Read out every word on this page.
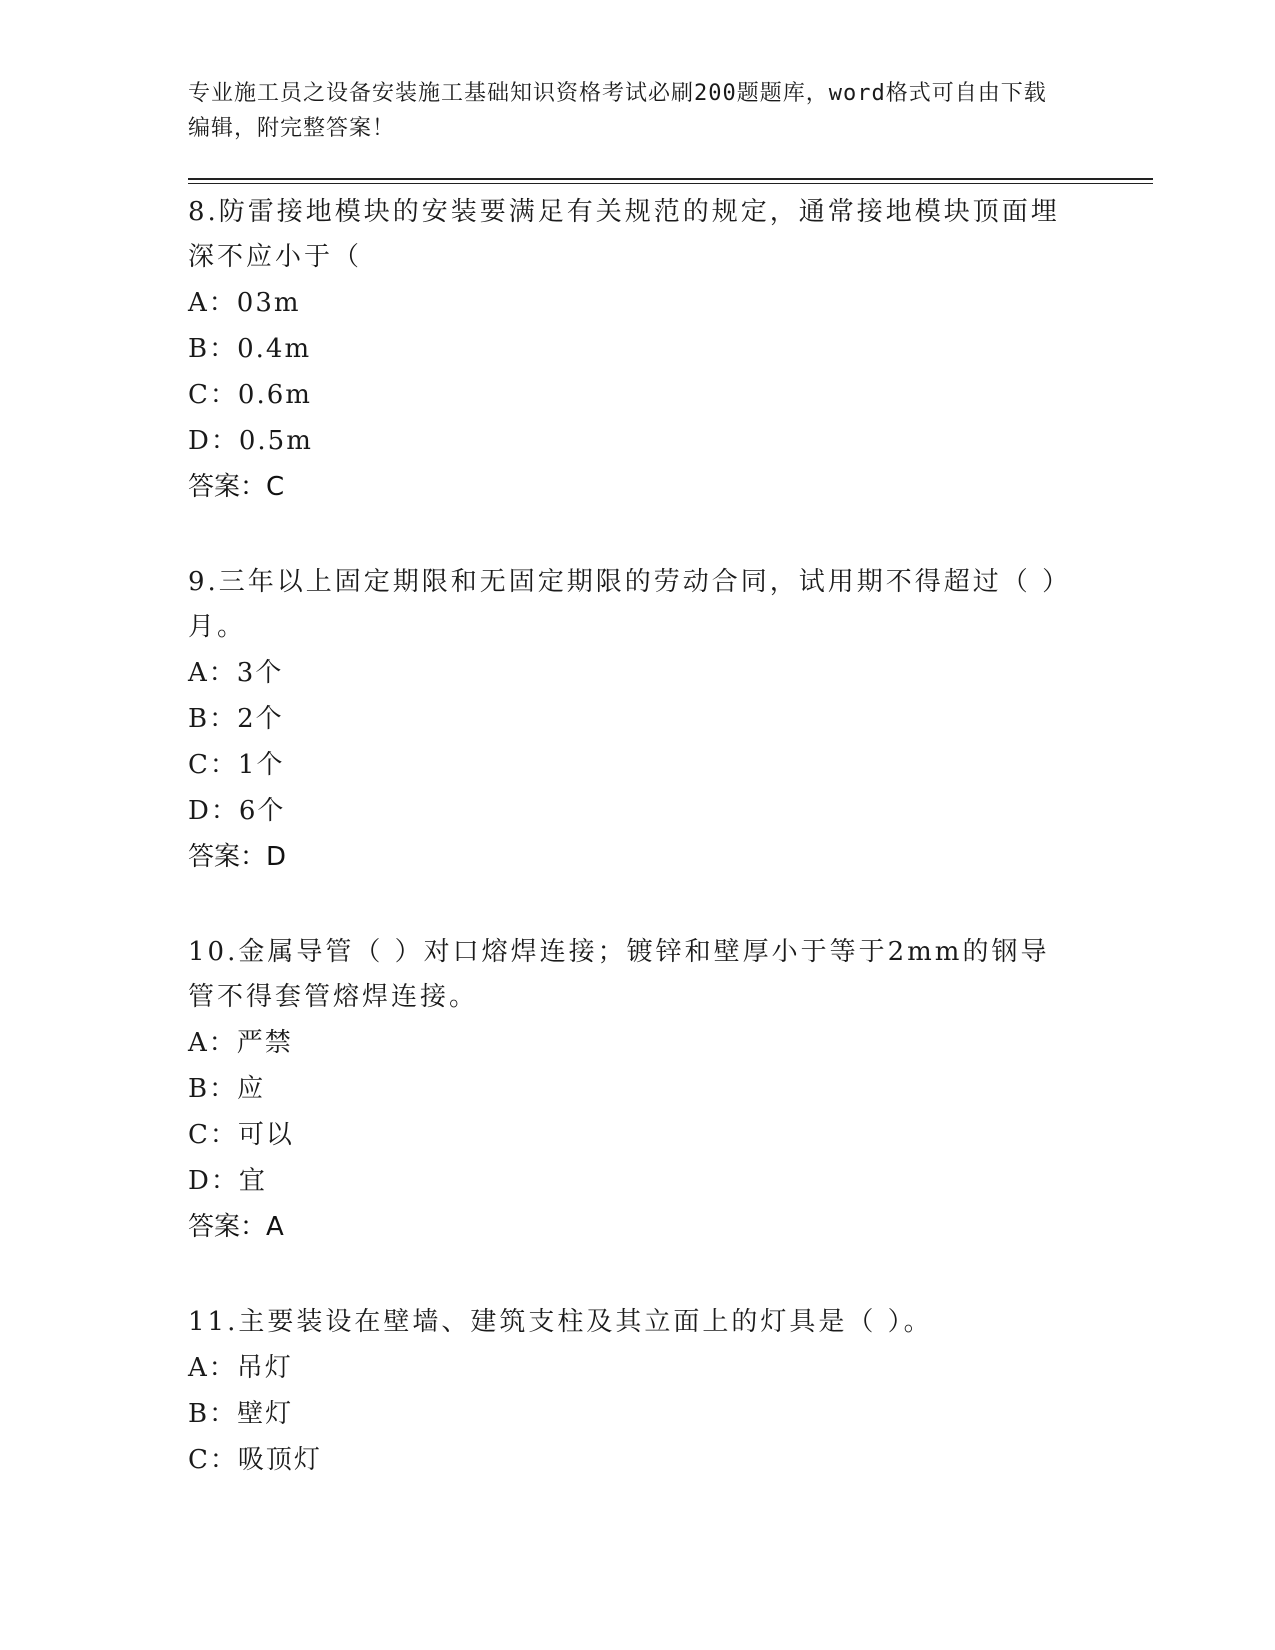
专业施工员之设备安装施工基础知识资格考试必刷200题题库，word格式可自由下载编辑，附完整答案！

8.防雷接地模块的安装要满足有关规范的规定，通常接地模块顶面埋深不应小于（

A：03m

B：0.4m

C：0.6m

D：0.5m

答案：C

9.三年以上固定期限和无固定期限的劳动合同，试用期不得超过（ ）月。

A：3个

B：2个

C：1个

D：6个

答案：D

10.金属导管（ ）对口熔焊连接；镀锌和壁厚小于等于2mm的钢导管不得套管熔焊连接。

A：严禁

B：应

C：可以

D：宜

答案：A

11.主要装设在壁墙、建筑支柱及其立面上的灯具是（ ）。

A：吊灯

B：壁灯

C：吸顶灯
